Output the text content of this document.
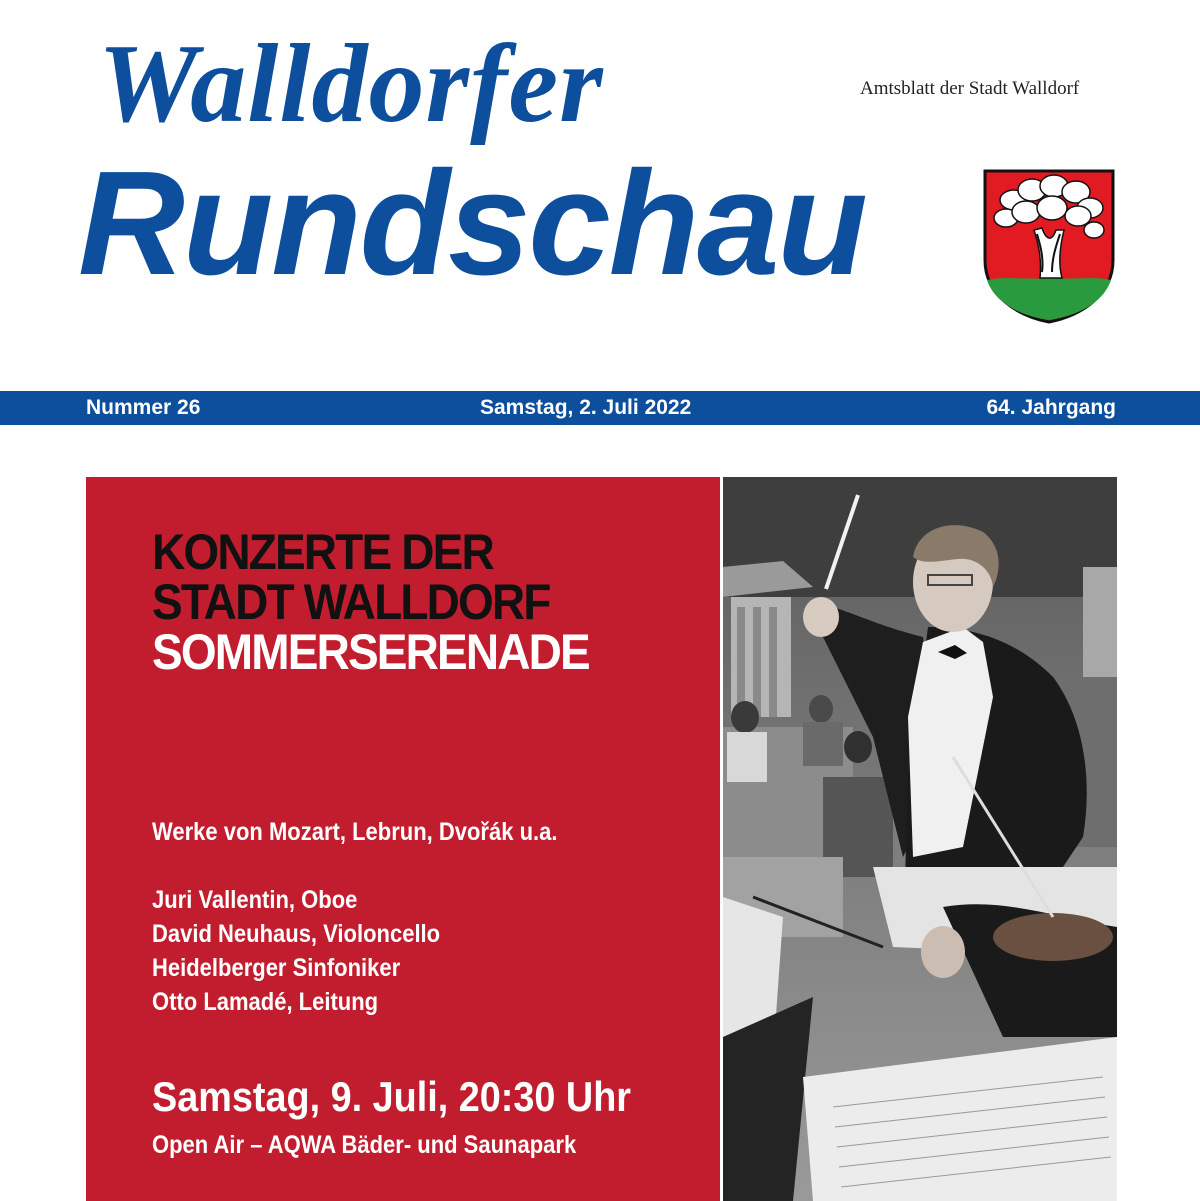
Walldorfer
Rundschau
Amtsblatt der Stadt Walldorf
Nummer 26	Samstag, 2. Juli 2022	64. Jahrgang
KONZERTE DER
STADT WALLDORF
SOMMERSERENADE
Werke von Mozart, Lebrun, Dvořák u.a.
Juri Vallentin, Oboe
David Neuhaus, Violoncello
Heidelberger Sinfoniker
Otto Lamadé, Leitung
Samstag, 9. Juli, 20:30 Uhr
Open Air – AQWA Bäder- und Saunapark
